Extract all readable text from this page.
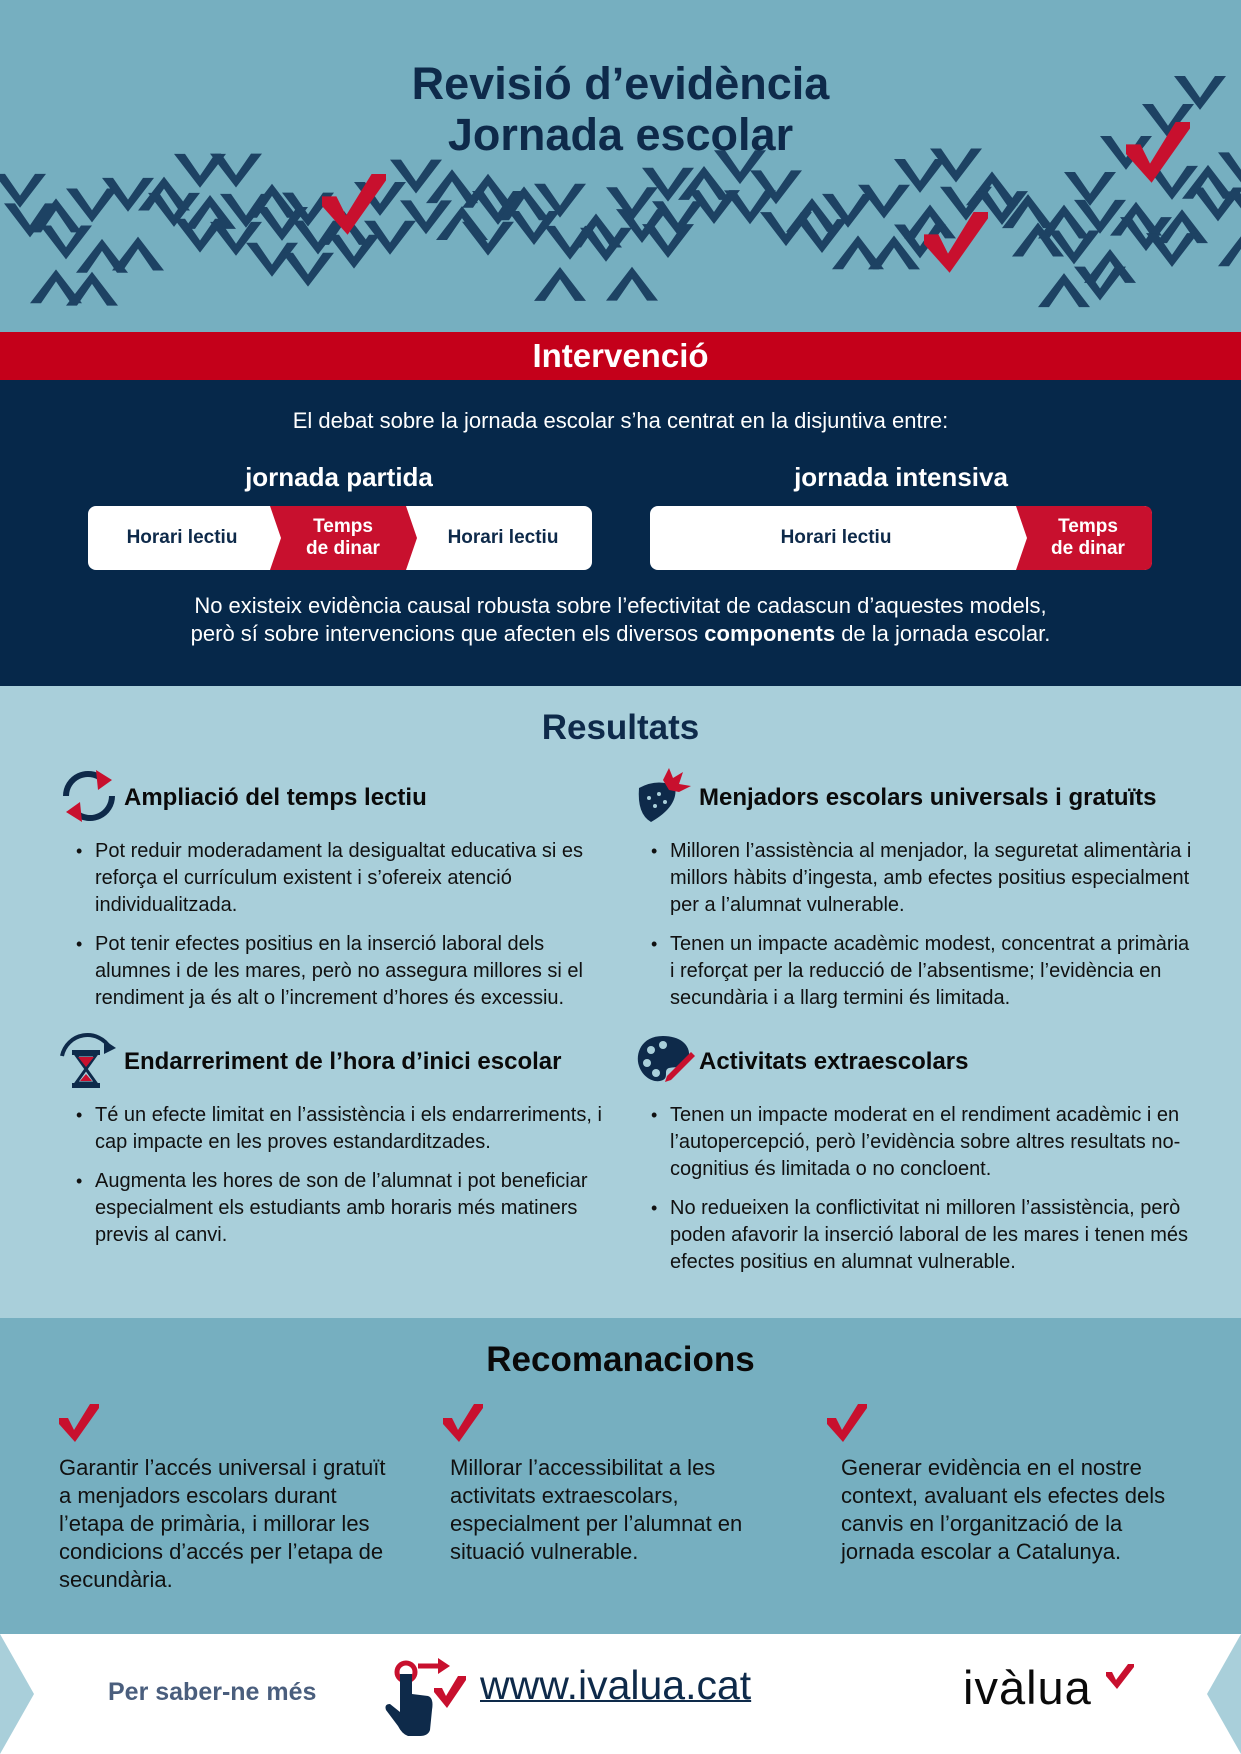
Revisió d’evidència
Jornada escolar
Intervenció
El debat sobre la jornada escolar s’ha centrat en la disjuntiva entre:
jornada partida	jornada intensiva
Horari lectiu
Temps
de dinar
Horari lectiu	Horari lectiu
Temps
de dinar
No existeix evidència causal robusta sobre l’efectivitat de cadascun d’aquestes models,
però sí sobre intervencions que afecten els diversos components de la jornada escolar.
Resultats
Ampliació del temps lectiu
• Pot reduir moderadament la desigualtat educativa si es reforça el currículum existent i s’ofereix atenció individualitzada.
• Pot tenir efectes positius en la inserció laboral dels alumnes i de les mares, però no assegura millores si el rendiment ja és alt o l’increment d’hores és excessiu.
Menjadors escolars universals i gratuïts
• Milloren l’assistència al menjador, la seguretat alimentària i millors hàbits d’ingesta, amb efectes positius especialment per a l’alumnat vulnerable.
• Tenen un impacte acadèmic modest, concentrat a primària i reforçat per la reducció de l’absentisme; l’evidència en secundària i a llarg termini és limitada.
Endarreriment de l’hora d’inici escolar
• Té un efecte limitat en l’assistència i els endarreriments, i cap impacte en les proves estandarditzades.
• Augmenta les hores de son de l’alumnat i pot beneficiar especialment els estudiants amb horaris més matiners previs al canvi.
Activitats extraescolars
• Tenen un impacte moderat en el rendiment acadèmic i en l’autopercepció, però l’evidència sobre altres resultats no-cognitius és limitada o no concloent.
• No redueixen la conflictivitat ni milloren l’assistència, però poden afavorir la inserció laboral de les mares i tenen més efectes positius en alumnat vulnerable.
Recomanacions
Garantir l’accés universal i gratuït a menjadors escolars durant l’etapa de primària, i millorar les condicions d’accés per l’etapa de secundària.
Millorar l’accessibilitat a les activitats extraescolars, especialment per l’alumnat en situació vulnerable.
Generar evidència en el nostre context, avaluant els efectes dels canvis en l’organització de la jornada escolar a Catalunya.
Per saber-ne més	www.ivalua.cat	ivàlua
